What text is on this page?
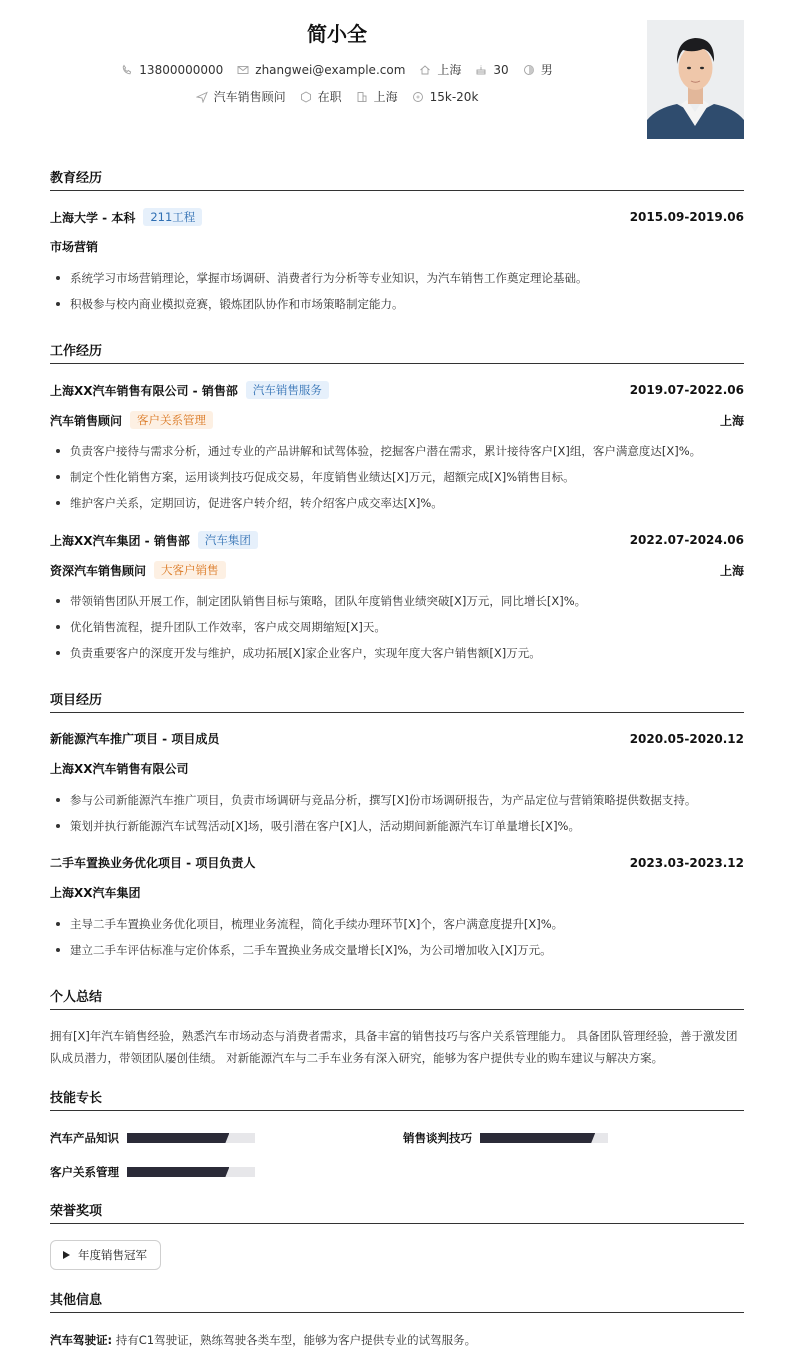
简小全
13800000000	zhangwei@example.com	上海	30	男
汽车销售顾问	在职	上海	15k-20k
教育经历
上海大学 - 本科	211工程	2015.09-2019.06
市场营销
系统学习市场营销理论，掌握市场调研、消费者行为分析等专业知识，为汽车销售工作奠定理论基础。
积极参与校内商业模拟竞赛，锻炼团队协作和市场策略制定能力。
工作经历
上海XX汽车销售有限公司 - 销售部	汽车销售服务	2019.07-2022.06
汽车销售顾问	客户关系管理	上海
负责客户接待与需求分析，通过专业的产品讲解和试驾体验，挖掘客户潜在需求，累计接待客户[X]组，客户满意度达[X]%。
制定个性化销售方案，运用谈判技巧促成交易，年度销售业绩达[X]万元，超额完成[X]%销售目标。
维护客户关系，定期回访，促进客户转介绍，转介绍客户成交率达[X]%。
上海XX汽车集团 - 销售部	汽车集团	2022.07-2024.06
资深汽车销售顾问	大客户销售	上海
带领销售团队开展工作，制定团队销售目标与策略，团队年度销售业绩突破[X]万元，同比增长[X]%。
优化销售流程，提升团队工作效率，客户成交周期缩短[X]天。
负责重要客户的深度开发与维护，成功拓展[X]家企业客户，实现年度大客户销售额[X]万元。
项目经历
新能源汽车推广项目 - 项目成员	2020.05-2020.12
上海XX汽车销售有限公司
参与公司新能源汽车推广项目，负责市场调研与竞品分析，撰写[X]份市场调研报告，为产品定位与营销策略提供数据支持。
策划并执行新能源汽车试驾活动[X]场，吸引潜在客户[X]人，活动期间新能源汽车订单量增长[X]%。
二手车置换业务优化项目 - 项目负责人	2023.03-2023.12
上海XX汽车集团
主导二手车置换业务优化项目，梳理业务流程，简化手续办理环节[X]个，客户满意度提升[X]%。
建立二手车评估标准与定价体系，二手车置换业务成交量增长[X]%，为公司增加收入[X]万元。
个人总结
拥有[X]年汽车销售经验，熟悉汽车市场动态与消费者需求，具备丰富的销售技巧与客户关系管理能力。 具备团队管理经验，善于激发团队成员潜力，带领团队屡创佳绩。 对新能源汽车与二手车业务有深入研究，能够为客户提供专业的购车建议与解决方案。
技能专长
汽车产品知识	销售谈判技巧
客户关系管理
荣誉奖项
年度销售冠军
其他信息
汽车驾驶证: 持有C1驾驶证，熟练驾驶各类车型，能够为客户提供专业的试驾服务。
